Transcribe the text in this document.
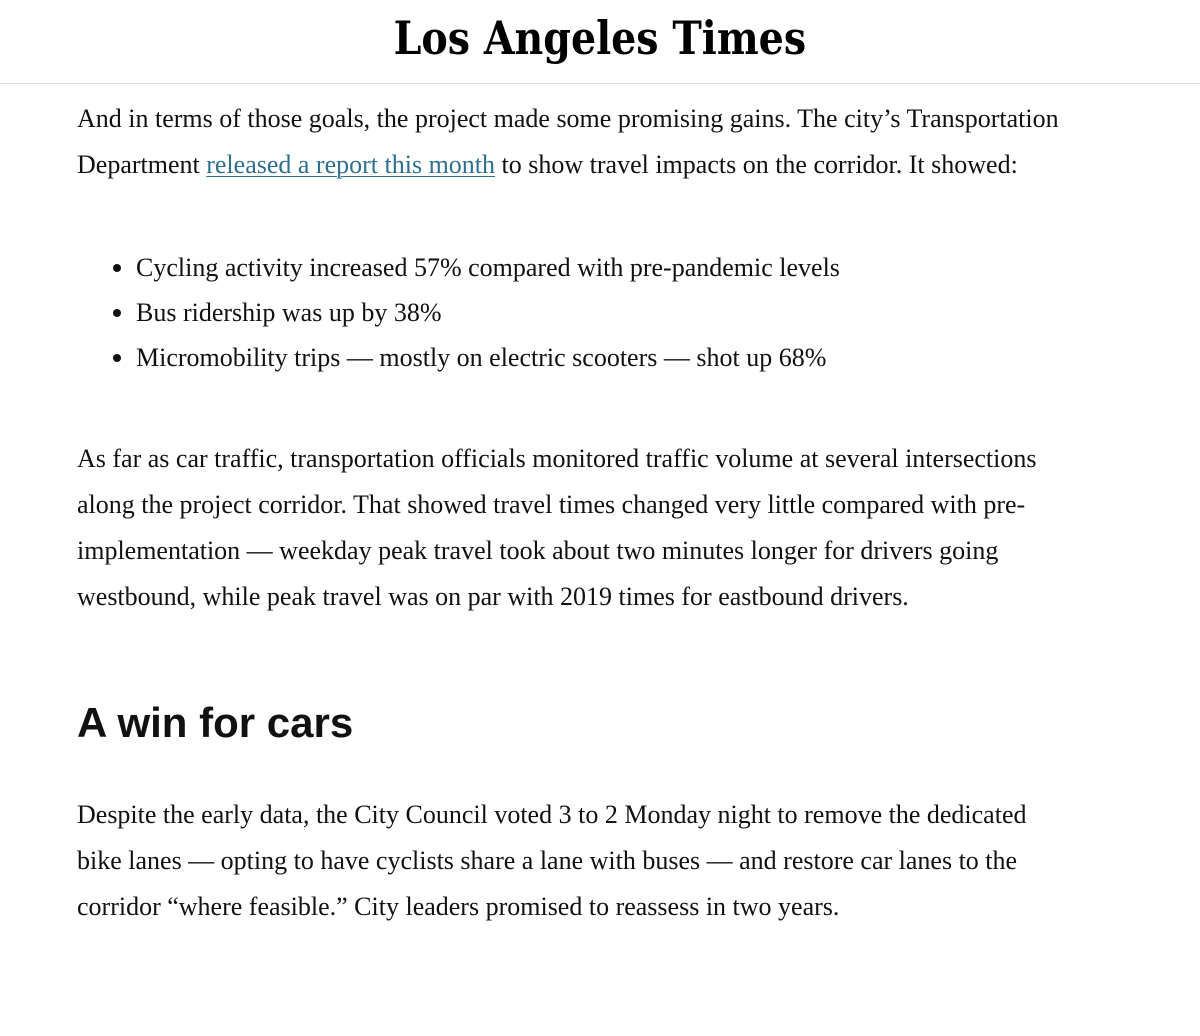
Los Angeles Times

And in terms of those goals, the project made some promising gains. The city’s Transportation Department released a report this month to show travel impacts on the corridor. It showed:

Cycling activity increased 57% compared with pre-pandemic levels
Bus ridership was up by 38%
Micromobility trips — mostly on electric scooters — shot up 68%

As far as car traffic, transportation officials monitored traffic volume at several intersections along the project corridor. That showed travel times changed very little compared with pre-implementation — weekday peak travel took about two minutes longer for drivers going westbound, while peak travel was on par with 2019 times for eastbound drivers.

A win for cars

Despite the early data, the City Council voted 3 to 2 Monday night to remove the dedicated bike lanes — opting to have cyclists share a lane with buses — and restore car lanes to the corridor “where feasible.” City leaders promised to reassess in two years.
